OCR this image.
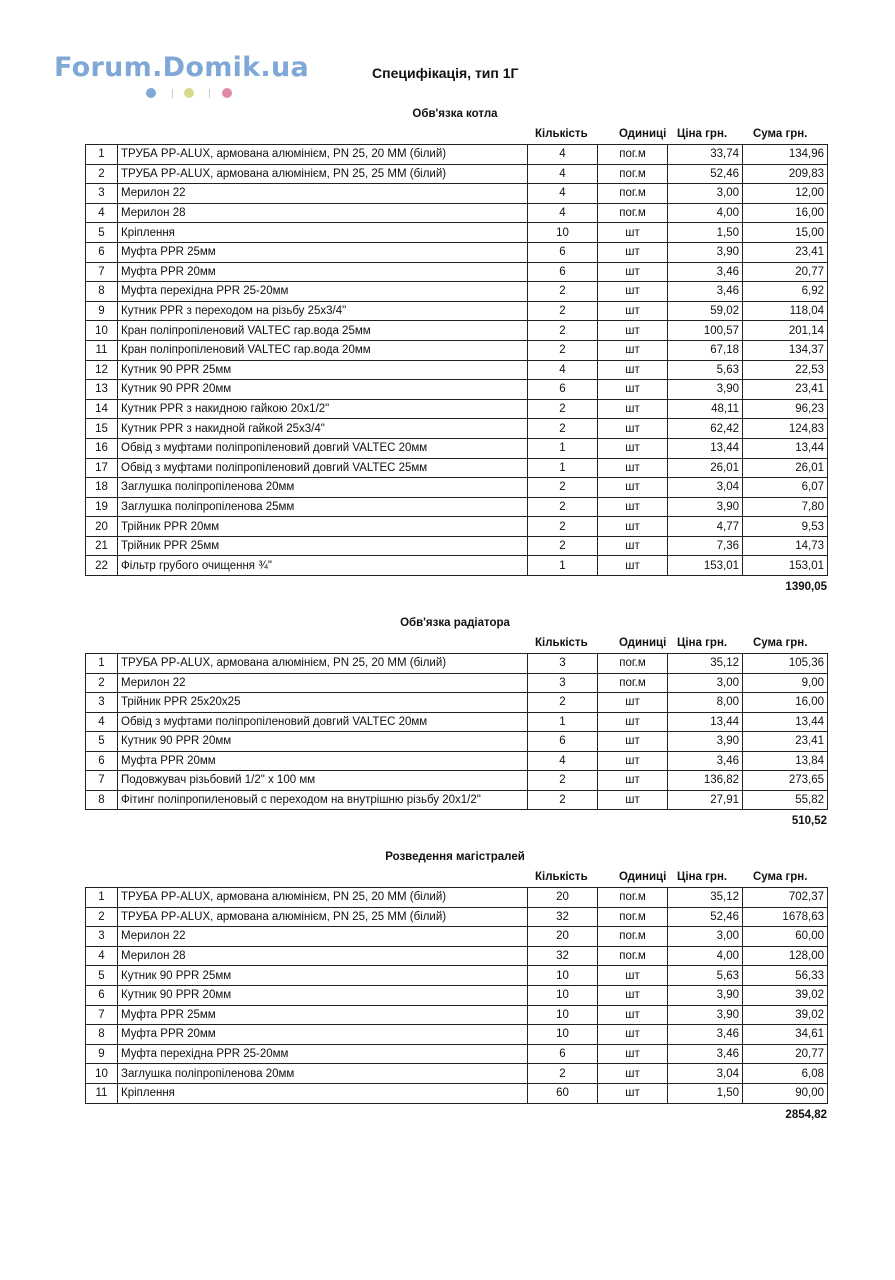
Forum.Domik.ua	Специфікація, тип 1Г
Обв'язка котла
Кількість	Одиниці Ціна грн. Сума грн.
1	ТРУБА PP-ALUX, армована алюмінієм, PN 25, 20 ММ (білий)	4	пог.м	33,74	134,96
2	ТРУБА PP-ALUX, армована алюмінієм, PN 25, 25 ММ (білий)	4	пог.м	52,46	209,83
3	Мерилон 22	4	пог.м	3,00	12,00
4	Мерилон 28	4	пог.м	4,00	16,00
5	Кріплення	10	шт	1,50	15,00
6	Муфта PPR 25мм	6	шт	3,90	23,41
7	Муфта PPR 20мм	6	шт	3,46	20,77
8	Муфта перехідна PPR 25-20мм	2	шт	3,46	6,92
9	Кутник PPR з переходом на різьбу 25х3/4"	2	шт	59,02	118,04
10	Кран поліпропіленовий VALTEC гар.вода 25мм	2	шт	100,57	201,14
11	Кран поліпропіленовий VALTEC гар.вода 20мм	2	шт	67,18	134,37
12	Кутник 90 PPR 25мм	4	шт	5,63	22,53
13	Кутник 90 PPR 20мм	6	шт	3,90	23,41
14	Кутник PPR з накидною гайкою 20х1/2"	2	шт	48,11	96,23
15	Кутник PPR з накидной гайкой 25х3/4"	2	шт	62,42	124,83
16	Обвід з муфтами поліпропіленовий довгий VALTEC 20мм	1	шт	13,44	13,44
17	Обвід з муфтами поліпропіленовий довгий VALTEC 25мм	1	шт	26,01	26,01
18	Заглушка поліпропіленова 20мм	2	шт	3,04	6,07
19	Заглушка поліпропіленова 25мм	2	шт	3,90	7,80
20	Трійник PPR 20мм	2	шт	4,77	9,53
21	Трійник PPR 25мм	2	шт	7,36	14,73
22	Фільтр грубого очищення ¾"	1	шт	153,01	153,01
1390,05
Обв'язка радіатора
Кількість	Одиниці Ціна грн. Сума грн.
1	ТРУБА PP-ALUX, армована алюмінієм, PN 25, 20 ММ (білий)	3	пог.м	35,12	105,36
2	Мерилон 22	3	пог.м	3,00	9,00
3	Трійник PPR 25х20х25	2	шт	8,00	16,00
4	Обвід з муфтами поліпропіленовий довгий VALTEC 20мм	1	шт	13,44	13,44
5	Кутник 90 PPR 20мм	6	шт	3,90	23,41
6	Муфта PPR 20мм	4	шт	3,46	13,84
7	Подовжувач різьбовий 1/2" х 100 мм	2	шт	136,82	273,65
8	Фітинг поліпропиленовый с переходом на внутрішню різьбу 20х1/2"	2	шт	27,91	55,82
510,52
Розведення магістралей
Кількість	Одиниці Ціна грн. Сума грн.
1	ТРУБА PP-ALUX, армована алюмінієм, PN 25, 20 ММ (білий)	20	пог.м	35,12	702,37
2	ТРУБА PP-ALUX, армована алюмінієм, PN 25, 25 ММ (білий)	32	пог.м	52,46	1678,63
3	Мерилон 22	20	пог.м	3,00	60,00
4	Мерилон 28	32	пог.м	4,00	128,00
5	Кутник 90 PPR 25мм	10	шт	5,63	56,33
6	Кутник 90 PPR 20мм	10	шт	3,90	39,02
7	Муфта PPR 25мм	10	шт	3,90	39,02
8	Муфта PPR 20мм	10	шт	3,46	34,61
9	Муфта перехідна PPR 25-20мм	6	шт	3,46	20,77
10	Заглушка поліпропіленова 20мм	2	шт	3,04	6,08
11	Кріплення	60	шт	1,50	90,00
2854,82
